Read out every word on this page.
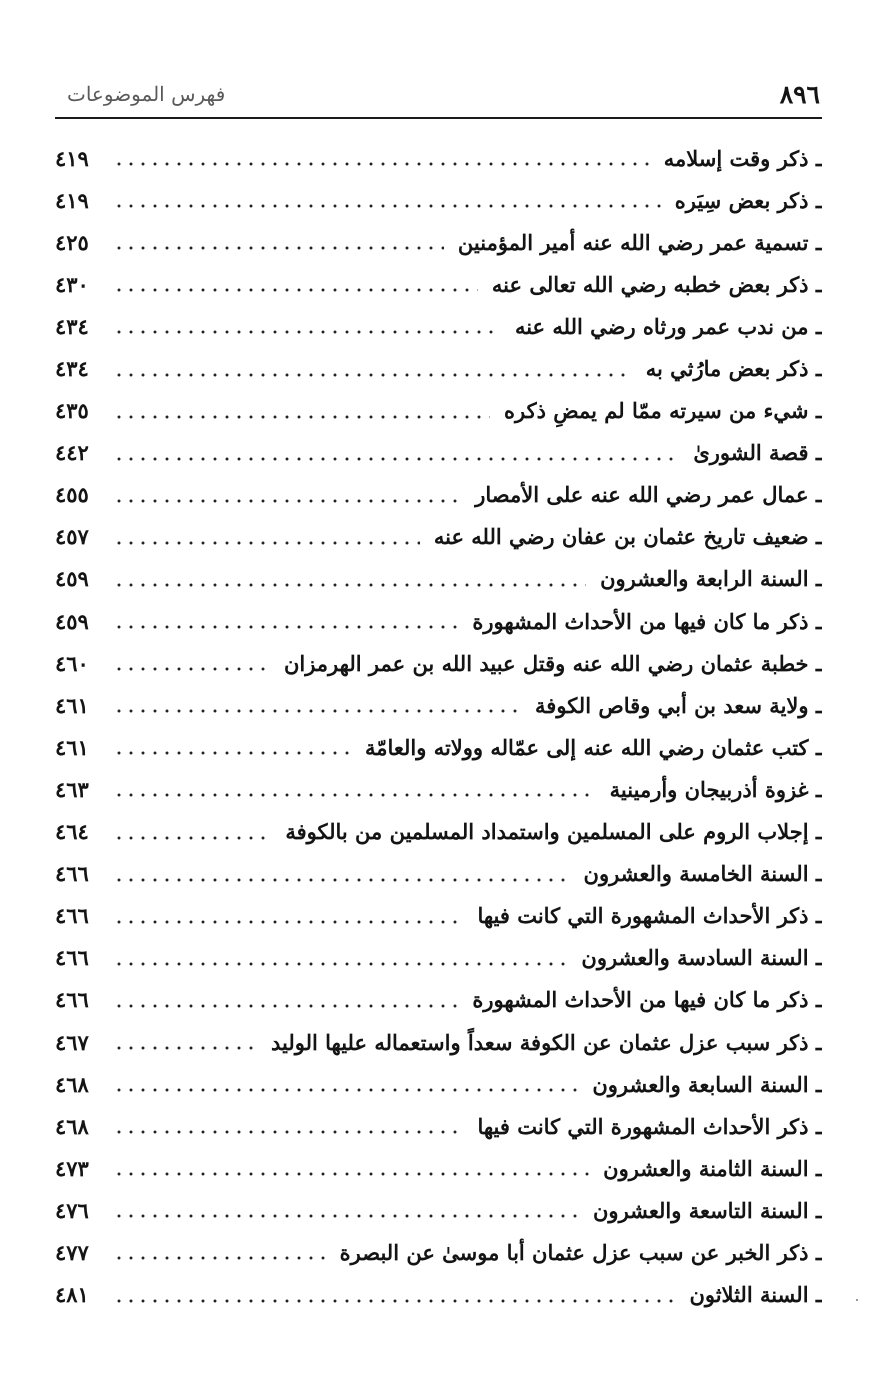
٨٩٦
فهرس الموضوعات
ـ ذكر وقت إسلامه
٤١٩
ـ ذكر بعض سِيَره
٤١٩
ـ تسمية عمر رضي الله عنه أمير المؤمنين
٤٢٥
ـ ذكر بعض خطبه رضي الله تعالى عنه
٤٣٠
ـ من ندب عمر ورثاه رضي الله عنه
٤٣٤
ـ ذكر بعض مارُثي به
٤٣٤
ـ شيء من سيرته ممّا لم يمضِ ذكره
٤٣٥
ـ قصة الشورىٰ
٤٤٢
ـ عمال عمر رضي الله عنه على الأمصار
٤٥٥
ـ ضعيف تاريخ عثمان بن عفان رضي الله عنه
٤٥٧
ـ السنة الرابعة والعشرون
٤٥٩
ـ ذكر ما كان فيها من الأحداث المشهورة
٤٥٩
ـ خطبة عثمان رضي الله عنه وقتل عبيد الله بن عمر الهرمزان
٤٦٠
ـ ولاية سعد بن أبي وقاص الكوفة
٤٦١
ـ كتب عثمان رضي الله عنه إلى عمّاله وولاته والعامّة
٤٦١
ـ غزوة أذربيجان وأرمينية
٤٦٣
ـ إجلاب الروم على المسلمين واستمداد المسلمين من بالكوفة
٤٦٤
ـ السنة الخامسة والعشرون
٤٦٦
ـ ذكر الأحداث المشهورة التي كانت فيها
٤٦٦
ـ السنة السادسة والعشرون
٤٦٦
ـ ذكر ما كان فيها من الأحداث المشهورة
٤٦٦
ـ ذكر سبب عزل عثمان عن الكوفة سعداً واستعماله عليها الوليد
٤٦٧
ـ السنة السابعة والعشرون
٤٦٨
ـ ذكر الأحداث المشهورة التي كانت فيها
٤٦٨
ـ السنة الثامنة والعشرون
٤٧٣
ـ السنة التاسعة والعشرون
٤٧٦
ـ ذكر الخبر عن سبب عزل عثمان أبا موسىٰ عن البصرة
٤٧٧
ـ السنة الثلاثون
٤٨١
